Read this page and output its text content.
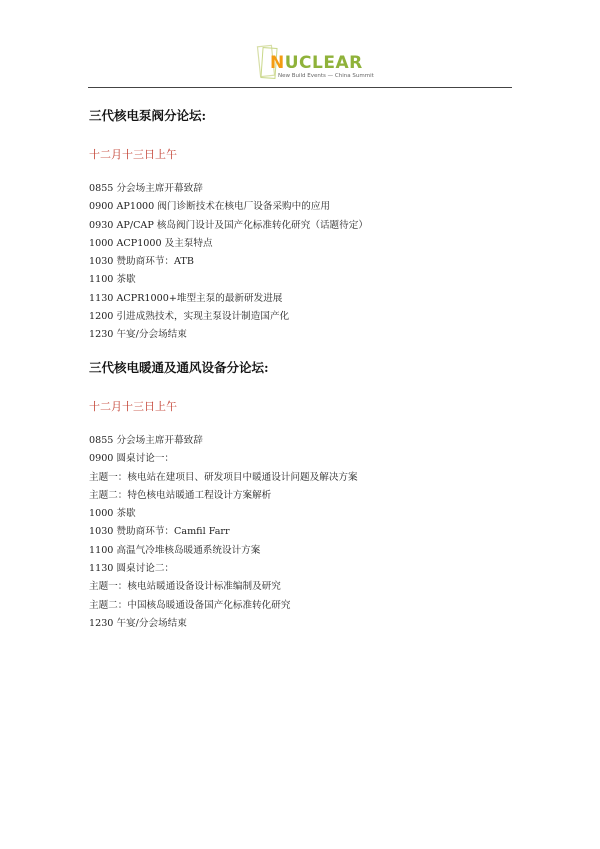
NUCLEAR
New Build Events — China Summit

三代核电泵阀分论坛:

十二月十三日上午
0855 分会场主席开幕致辞
0900 AP1000 阀门诊断技术在核电厂设备采购中的应用
0930 AP/CAP 核岛阀门设计及国产化标准转化研究（话题待定）
1000 ACP1000 及主泵特点
1030 赞助商环节：ATB
1100 茶歇
1130 ACPR1000+堆型主泵的最新研发进展
1200 引进成熟技术，实现主泵设计制造国产化
1230 午宴/分会场结束

三代核电暖通及通风设备分论坛:

十二月十三日上午
0855 分会场主席开幕致辞
0900 圆桌讨论一：
主题一：核电站在建项目、研发项目中暖通设计问题及解决方案
主题二：特色核电站暖通工程设计方案解析
1000 茶歇
1030 赞助商环节：Camfil Farr
1100 高温气冷堆核岛暖通系统设计方案
1130 圆桌讨论二：
主题一：核电站暖通设备设计标准编制及研究
主题二：中国核岛暖通设备国产化标准转化研究
1230 午宴/分会场结束
